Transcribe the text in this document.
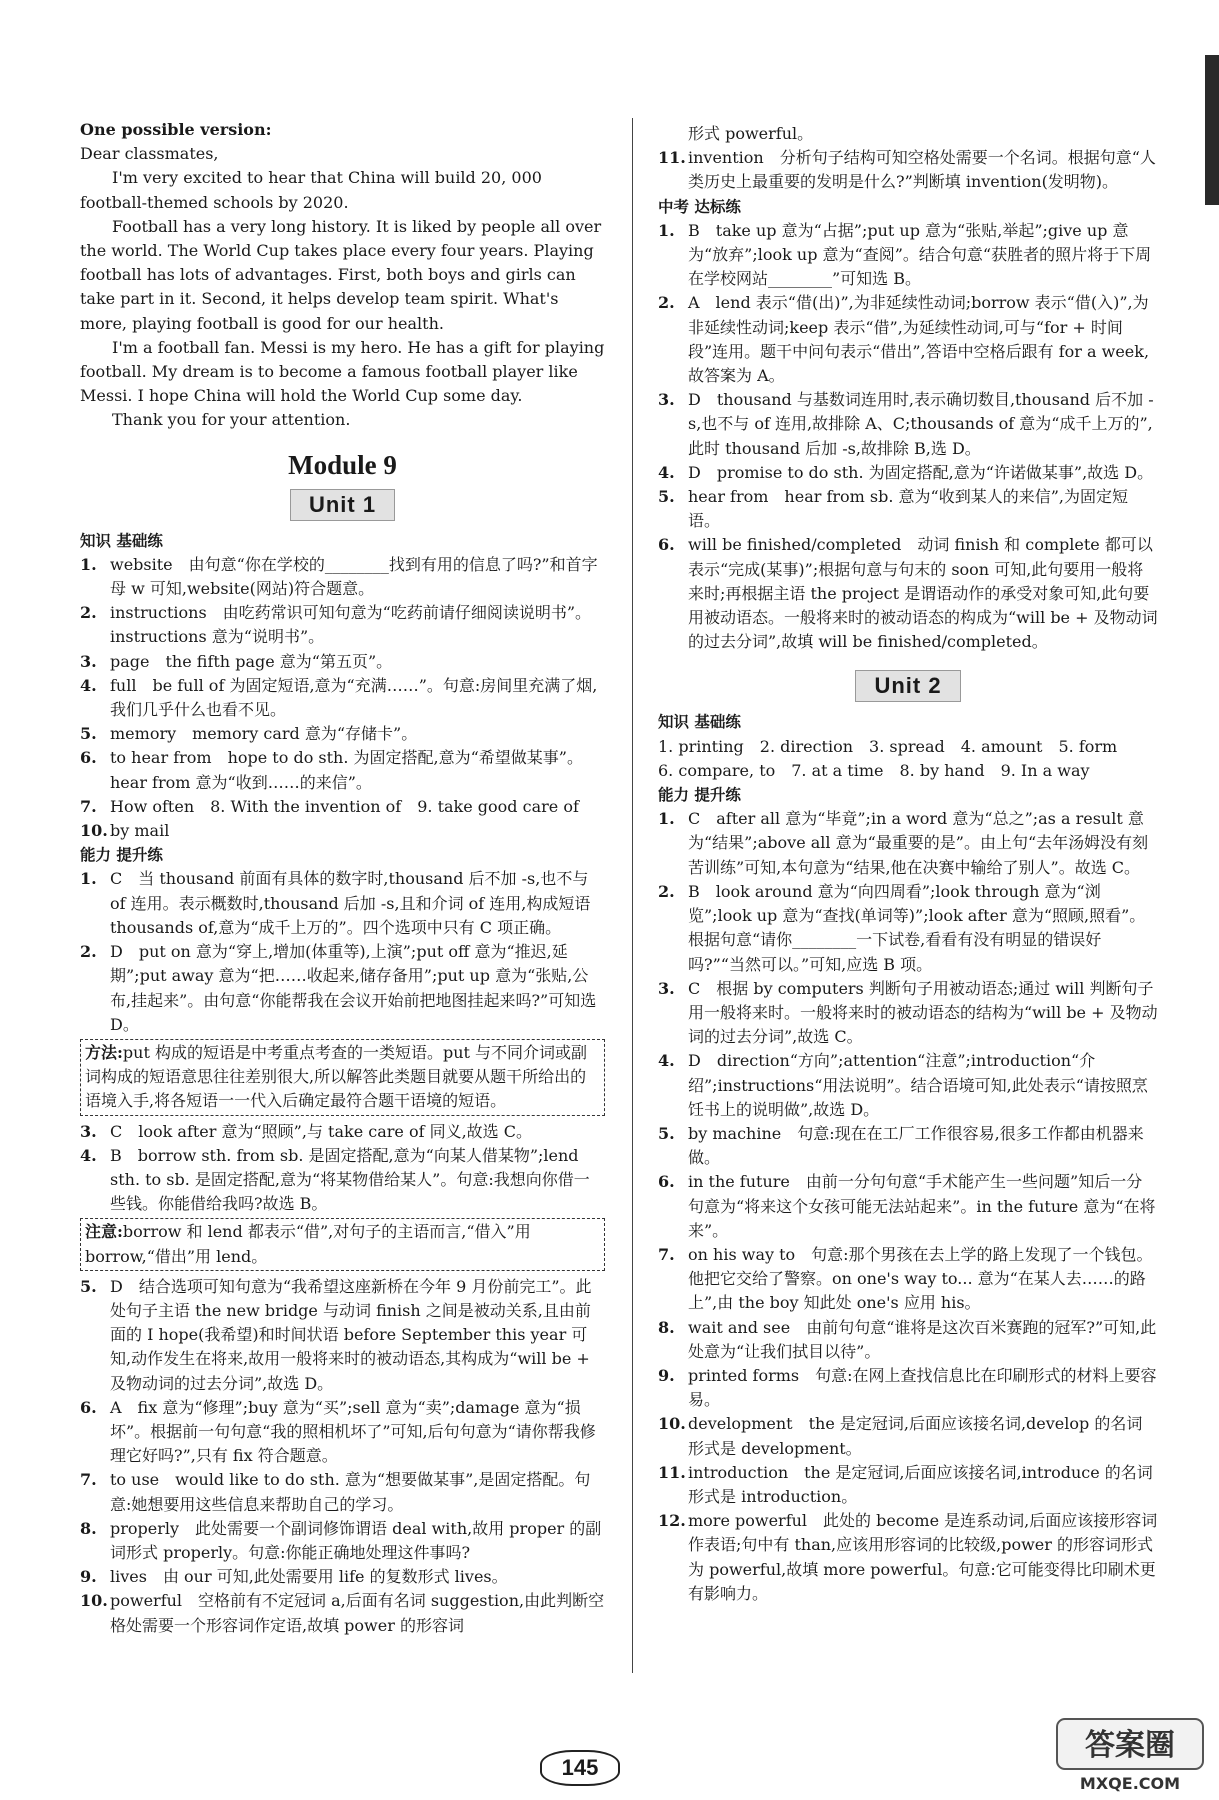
One possible version:

Dear classmates,

I'm very excited to hear that China will build 20, 000 football-themed schools by 2020.

Football has a very long history. It is liked by people all over the world. The World Cup takes place every four years. Playing football has lots of advantages. First, both boys and girls can take part in it. Second, it helps develop team spirit. What's more, playing football is good for our health.

I'm a football fan. Messi is my hero. He has a gift for playing football. My dream is to become a famous football player like Messi. I hope China will hold the World Cup some day.

Thank you for your attention.

Module 9
Unit 1

知识 基础练

1. website　由句意“你在学校的________找到有用的信息了吗?”和首字母 w 可知,website(网站)符合题意。
2. instructions　由吃药常识可知句意为“吃药前请仔细阅读说明书”。instructions 意为“说明书”。
3. page　the fifth page 意为“第五页”。
4. full　be full of 为固定短语,意为“充满……”。句意:房间里充满了烟,我们几乎什么也看不见。
5. memory　memory card 意为“存储卡”。
6. to hear from　hope to do sth. 为固定搭配,意为“希望做某事”。hear from 意为“收到……的来信”。
7. How often　8. With the invention of　9. take good care of
10. by mail

能力 提升练

1. C　当 thousand 前面有具体的数字时,thousand 后不加 -s,也不与 of 连用。表示概数时,thousand 后加 -s,且和介词 of 连用,构成短语 thousands of,意为“成千上万的”。四个选项中只有 C 项正确。
2. D　put on 意为“穿上,增加(体重等),上演”;put off 意为“推迟,延期”;put away 意为“把……收起来,储存备用”;put up 意为“张贴,公布,挂起来”。由句意“你能帮我在会议开始前把地图挂起来吗?”可知选 D。
方法:put 构成的短语是中考重点考查的一类短语。put 与不同介词或副词构成的短语意思往往差别很大,所以解答此类题目就要从题干所给出的语境入手,将各短语一一代入后确定最符合题干语境的短语。
3. C　look after 意为“照顾”,与 take care of 同义,故选 C。
4. B　borrow sth. from sb. 是固定搭配,意为“向某人借某物”;lend sth. to sb. 是固定搭配,意为“将某物借给某人”。句意:我想向你借一些钱。你能借给我吗?故选 B。
注意:borrow 和 lend 都表示“借”,对句子的主语而言,“借入”用 borrow,“借出”用 lend。
5. D　结合选项可知句意为“我希望这座新桥在今年 9 月份前完工”。此处句子主语 the new bridge 与动词 finish 之间是被动关系,且由前面的 I hope(我希望)和时间状语 before September this year 可知,动作发生在将来,故用一般将来时的被动语态,其构成为“will be + 及物动词的过去分词”,故选 D。
6. A　fix 意为“修理”;buy 意为“买”;sell 意为“卖”;damage 意为“损坏”。根据前一句句意“我的照相机坏了”可知,后句句意为“请你帮我修理它好吗?”,只有 fix 符合题意。
7. to use　would like to do sth. 意为“想要做某事”,是固定搭配。句意:她想要用这些信息来帮助自己的学习。
8. properly　此处需要一个副词修饰谓语 deal with,故用 proper 的副词形式 properly。句意:你能正确地处理这件事吗?
9. lives　由 our 可知,此处需要用 life 的复数形式 lives。
10. powerful　空格前有不定冠词 a,后面有名词 suggestion,由此判断空格处需要一个形容词作定语,故填 power 的形容词

形式 powerful。

11. invention　分析句子结构可知空格处需要一个名词。根据句意“人类历史上最重要的发明是什么?”判断填 invention(发明物)。

中考 达标练

1. B　take up 意为“占据”;put up 意为“张贴,举起”;give up 意为“放弃”;look up 意为“查阅”。结合句意“获胜者的照片将于下周在学校网站________”可知选 B。
2. A　lend 表示“借(出)”,为非延续性动词;borrow 表示“借(入)”,为非延续性动词;keep 表示“借”,为延续性动词,可与“for + 时间段”连用。题干中问句表示“借出”,答语中空格后跟有 for a week,故答案为 A。
3. D　thousand 与基数词连用时,表示确切数目,thousand 后不加 -s,也不与 of 连用,故排除 A、C;thousands of 意为“成千上万的”,此时 thousand 后加 -s,故排除 B,选 D。
4. D　promise to do sth. 为固定搭配,意为“许诺做某事”,故选 D。
5. hear from　hear from sb. 意为“收到某人的来信”,为固定短语。
6. will be finished/completed　动词 finish 和 complete 都可以表示“完成(某事)”;根据句意与句末的 soon 可知,此句要用一般将来时;再根据主语 the project 是谓语动作的承受对象可知,此句要用被动语态。一般将来时的被动语态的构成为“will be + 及物动词的过去分词”,故填 will be finished/completed。
Unit 2

知识 基础练

1. printing　2. direction　3. spread　4. amount　5. form

6. compare, to　7. at a time　8. by hand　9. In a way

能力 提升练

1. C　after all 意为“毕竟”;in a word 意为“总之”;as a result 意为“结果”;above all 意为“最重要的是”。由上句“去年汤姆没有刻苦训练”可知,本句意为“结果,他在决赛中输给了别人”。故选 C。
2. B　look around 意为“向四周看”;look through 意为“浏览”;look up 意为“查找(单词等)”;look after 意为“照顾,照看”。根据句意“请你________一下试卷,看看有没有明显的错误好吗?”“当然可以。”可知,应选 B 项。
3. C　根据 by computers 判断句子用被动语态;通过 will 判断句子用一般将来时。一般将来时的被动语态的结构为“will be + 及物动词的过去分词”,故选 C。
4. D　direction“方向”;attention“注意”;introduction“介绍”;instructions“用法说明”。结合语境可知,此处表示“请按照烹饪书上的说明做”,故选 D。
5. by machine　句意:现在在工厂工作很容易,很多工作都由机器来做。
6. in the future　由前一分句句意“手术能产生一些问题”知后一分句意为“将来这个女孩可能无法站起来”。in the future 意为“在将来”。
7. on his way to　句意:那个男孩在去上学的路上发现了一个钱包。他把它交给了警察。on one's way to... 意为“在某人去……的路上”,由 the boy 知此处 one's 应用 his。
8. wait and see　由前句句意“谁将是这次百米赛跑的冠军?”可知,此处意为“让我们拭目以待”。
9. printed forms　句意:在网上查找信息比在印刷形式的材料上要容易。
10. development　the 是定冠词,后面应该接名词,develop 的名词形式是 development。
11. introduction　the 是定冠词,后面应该接名词,introduce 的名词形式是 introduction。
12. more powerful　此处的 become 是连系动词,后面应该接形容词作表语;句中有 than,应该用形容词的比较级,power 的形容词形式为 powerful,故填 more powerful。句意:它可能变得比印刷术更有影响力。
145
答案圈
MXQE.COM
